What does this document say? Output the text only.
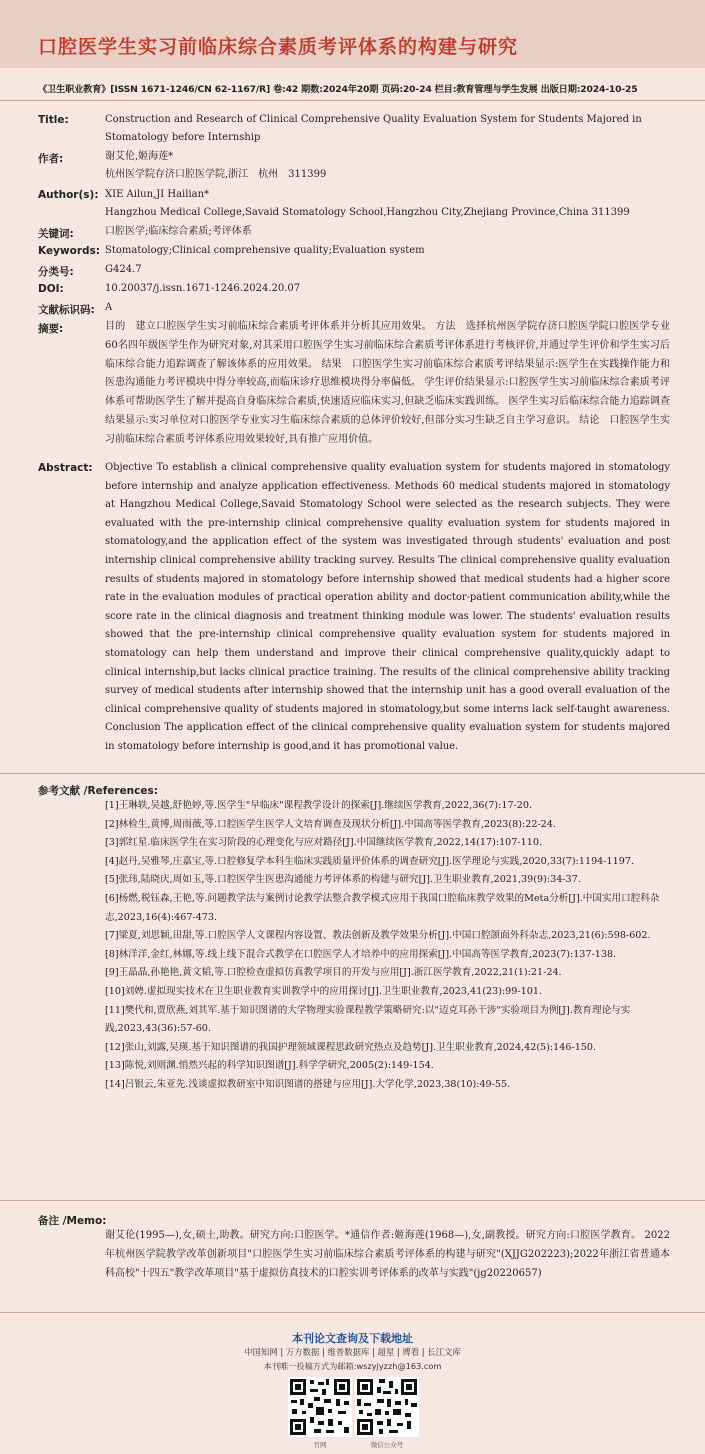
口腔医学生实习前临床综合素质考评体系的构建与研究
《卫生职业教育》[ISSN 1671-1246/CN 62-1167/R] 卷:42 期数:2024年20期 页码:20-24 栏目:教育管理与学生发展 出版日期:2024-10-25
Title:	Construction and Research of Clinical Comprehensive Quality Evaluation System for Students Majored in Stomatology before Internship
作者:	谢艾伦,姬海莲*
杭州医学院存济口腔医学院,浙江　杭州　311399
Author(s): XIE Ailun,JI Hailian*
Hangzhou Medical College,Savaid Stomatology School,Hangzhou City,Zhejiang Province,China 311399
关键词:	口腔医学;临床综合素质;考评体系
Keywords: Stomatology;Clinical comprehensive quality;Evaluation system
分类号:	G424.7
DOI:	10.20037/j.issn.1671-1246.2024.20.07
文献标识码: A
摘要:	目的　建立口腔医学生实习前临床综合素质考评体系并分析其应用效果。 方法　选择杭州医学院存济口腔医学院口腔医学专业60名四年级医学生作为研究对象,对其采用口腔医学生实习前临床综合素质考评体系进行考核评价,并通过学生评价和学生实习后临床综合能力追踪调查了解该体系的应用效果。 结果　口腔医学生实习前临床综合素质考评结果显示:医学生在实践操作能力和医患沟通能力考评模块中得分率较高,而临床诊疗思维模块得分率偏低。 学生评价结果显示:口腔医学生实习前临床综合素质考评体系可帮助医学生了解并提高自身临床综合素质,快速适应临床实习,但缺乏临床实践训练。 医学生实习后临床综合能力追踪调查结果显示:实习单位对口腔医学专业实习生临床综合素质的总体评价较好,但部分实习生缺乏自主学习意识。 结论　口腔医学生实习前临床综合素质考评体系应用效果较好,具有推广应用价值。
Abstract: Objective To establish a clinical comprehensive quality evaluation system for students majored in stomatology before internship and analyze application effectiveness. Methods 60 medical students majored in stomatology at Hangzhou Medical College,Savaid Stomatology School were selected as the research subjects. They were evaluated with the pre-internship clinical comprehensive quality evaluation system for students majored in stomatology,and the application effect of the system was investigated through students' evaluation and post internship clinical comprehensive ability tracking survey. Results The clinical comprehensive quality evaluation results of students majored in stomatology before internship showed that medical students had a higher score rate in the evaluation modules of practical operation ability and doctor-patient communication ability,while the score rate in the clinical diagnosis and treatment thinking module was lower. The students' evaluation results showed that the pre-internship clinical comprehensive quality evaluation system for students majored in stomatology can help them understand and improve their clinical comprehensive quality,quickly adapt to clinical internship,but lacks clinical practice training. The results of the clinical comprehensive ability tracking survey of medical students after internship showed that the internship unit has a good overall evaluation of the clinical comprehensive quality of students majored in stomatology,but some interns lack self-taught awareness. Conclusion The application effect of the clinical comprehensive quality evaluation system for students majored in stomatology before internship is good,and it has promotional value.
参考文献 /References:
[1]王琳轶,吴越,舒艳婷,等.医学生"早临床"课程教学设计的探索[J].继续医学教育,2022,36(7):17-20.
[2]林检生,黄博,周雨薇,等.口腔医学生医学人文培育调查及现状分析[J].中国高等医学教育,2023(8):22-24.
[3]郭红星.临床医学生在实习阶段的心理变化与应对路径[J].中国继续医学教育,2022,14(17):107-110.
[4]赵丹,吴雅琴,庄嘉宝,等.口腔修复学本科生临床实践质量评价体系的调查研究[J].医学理论与实践,2020,33(7):1194-1197.
[5]张玮,陆晓庆,周如玉,等.口腔医学生医患沟通能力考评体系的构建与研究[J].卫生职业教育,2021,39(9):34-37.
[6]杨燃,税钰森,王艳,等.问题教学法与案例讨论教学法整合教学模式应用于我国口腔临床教学效果的Meta分析[J].中国实用口腔科杂志,2023,16(4):467-473.
[7]梁夏,刘思颖,田甜,等.口腔医学人文课程内容设置、教法创新及教学效果分析[J].中国口腔颌面外科杂志,2023,21(6):598-602.
[8]林洋洋,金红,林娜,等.线上线下混合式教学在口腔医学人才培养中的应用探索[J].中国高等医学教育,2023(7):137-138.
[9]王晶晶,孙艳艳,黄文韬,等.口腔检查虚拟仿真教学项目的开发与应用[J].浙江医学教育,2022,21(1):21-24.
[10]刘娉.虚拟现实技术在卫生职业教育实训教学中的应用探讨[J].卫生职业教育,2023,41(23):99-101.
[11]樊代和,贾欣燕,刘其军.基于知识图谱的大学物理实验课程教学策略研究:以"迈克耳孙干涉"实验项目为例[J].教育理论与实践,2023,43(36):57-60.
[12]张山,刘露,吴瑛.基于知识图谱的我国护理领域课程思政研究热点及趋势[J].卫生职业教育,2024,42(5):146-150.
[13]陈悦,刘则渊.悄然兴起的科学知识图谱[J].科学学研究,2005(2):149-154.
[14]吕银云,朱亚先.浅谈虚拟教研室中知识图谱的搭建与应用[J].大学化学,2023,38(10):49-55.
备注 /Memo:
谢艾伦(1995—),女,硕士,助教。研究方向:口腔医学。*通信作者:姬海莲(1968—),女,副教授。研究方向:口腔医学教育。 2022年杭州医学院教学改革创新项目"口腔医学生实习前临床综合素质考评体系的构建与研究"(XJJG202223);2022年浙江省普通本科高校"十四五"教学改革项目"基于虚拟仿真技术的口腔实训考评体系的改革与实践"(jg20220657)
本刊论文查询及下载地址
中国知网 | 万方数据 | 维普数据库 | 超星 | 博看 | 长江文库
本刊唯一投稿方式为邮箱:wszyjyzzh@163.com
官网	微信公众号
